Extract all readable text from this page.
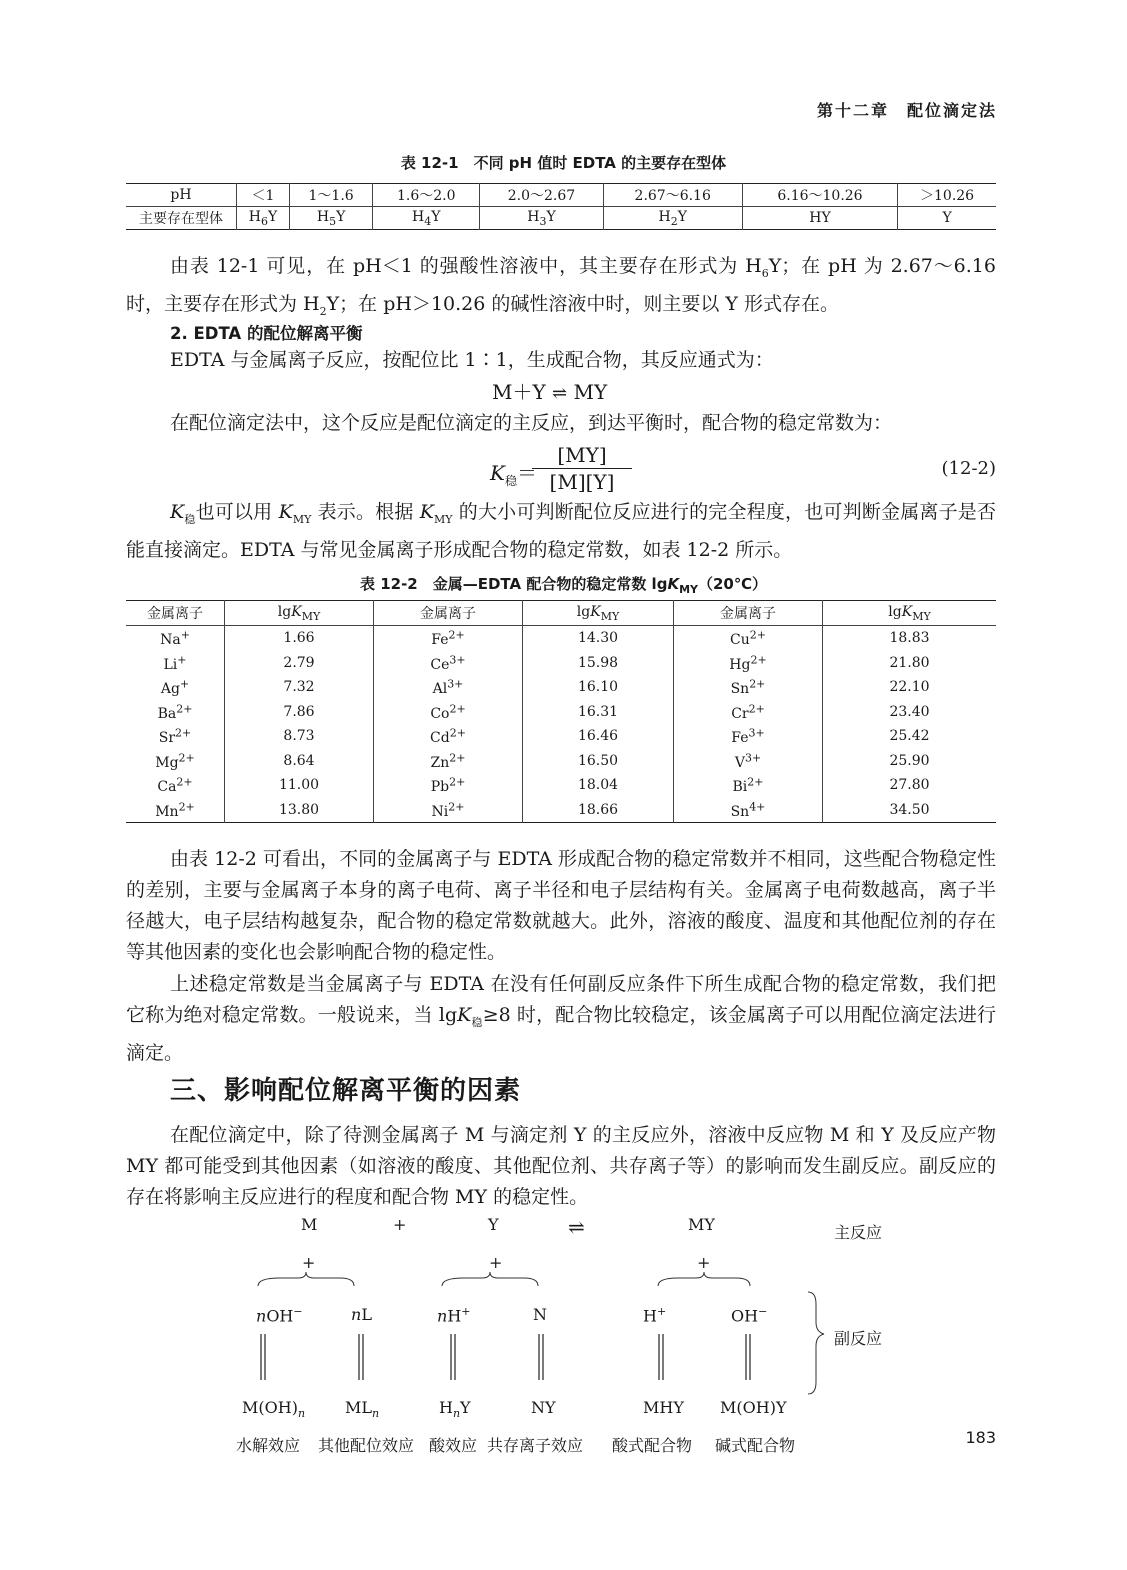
第十二章　配位滴定法
表 12-1　不同 pH 值时 EDTA 的主要存在型体
pH	＜1	1～1.6	1.6～2.0	2.0～2.67	2.67～6.16	6.16～10.26	＞10.26
主要存在型体	$H_6Y$	$H_5Y$	$H_4Y$	$H_3Y$	$H_2Y$	HY	Y
由表 12-1 可见，在 pH＜1 的强酸性溶液中，其主要存在形式为 $H_6Y$；在 pH 为 2.67～6.16 时，主要存在形式为 $H_2Y$；在 pH＞10.26 的碱性溶液中时，则主要以 Y 形式存在。
2. EDTA 的配位解离平衡
EDTA 与金属离子反应，按配位比 1∶1，生成配合物，其反应通式为：
M＋Y ⇌ MY
在配位滴定法中，这个反应是配位滴定的主反应，到达平衡时，配合物的稳定常数为：
$K_稳=$
[MY]
[M][Y]
(12-2)
$K_稳$也可以用 $K_{MY}$ 表示。根据 $K_{MY}$ 的大小可判断配位反应进行的完全程度，也可判断金属离子是否能直接滴定。EDTA 与常见金属离子形成配合物的稳定常数，如表 12-2 所示。
表 12-2　金属—EDTA 配合物的稳定常数 lgK$_{MY}$（20℃）
金属离子	lgK$_{MY}$	金属离子	lgK$_{MY}$	金属离子	lgK$_{MY}$
Na+	1.66	$Fe^{2+}$	14.30	$Cu^{2+}$	18.83
Li+	2.79	$Ce^{3+}$	15.98	$Hg^{2+}$	21.80
Ag+	7.32	$Al^{3+}$	16.10	$Sn^{2+}$	22.10
$Ba^{2+}$	7.86	$Co^{2+}$	16.31	$Cr^{2+}$	23.40
$Sr^{2+}$	8.73	$Cd^{2+}$	16.46	$Fe^{3+}$	25.42
$Mg^{2+}$	8.64	$Zn^{2+}$	16.50	$V^{3+}$	25.90
$Ca^{2+}$	11.00	$Pb^{2+}$	18.04	$Bi^{2+}$	27.80
$Mn^{2+}$	13.80	$Ni^{2+}$	18.66	$Sn^{4+}$	34.50
由表 12-2 可看出，不同的金属离子与 EDTA 形成配合物的稳定常数并不相同，这些配合物稳定性的差别，主要与金属离子本身的离子电荷、离子半径和电子层结构有关。金属离子电荷数越高，离子半径越大，电子层结构越复杂，配合物的稳定常数就越大。此外，溶液的酸度、温度和其他配位剂的存在等其他因素的变化也会影响配合物的稳定性。
上述稳定常数是当金属离子与 EDTA 在没有任何副反应条件下所生成配合物的稳定常数，我们把它称为绝对稳定常数。一般说来，当 lgK$_稳$≥8 时，配合物比较稳定，该金属离子可以用配位滴定法进行滴定。
三、影响配位解离平衡的因素
在配位滴定中，除了待测金属离子 M 与滴定剂 Y 的主反应外，溶液中反应物 M 和 Y 及反应产物 MY 都可能受到其他因素（如溶液的酸度、其他配位剂、共存离子等）的影响而发生副反应。副反应的存在将影响主反应进行的程度和配合物 MY 的稳定性。
M	+	Y	⇌	MY	主反应
+	+	+
nOH−	nL	nH+	N	H+	OH−
副反应
$M(OH)_n$ $ML_n$	$H_nY$	NY	MHY M(OH)Y
水解效应 其他配位效应 酸效应 共存离子效应 酸式配合物 碱式配合物	183
